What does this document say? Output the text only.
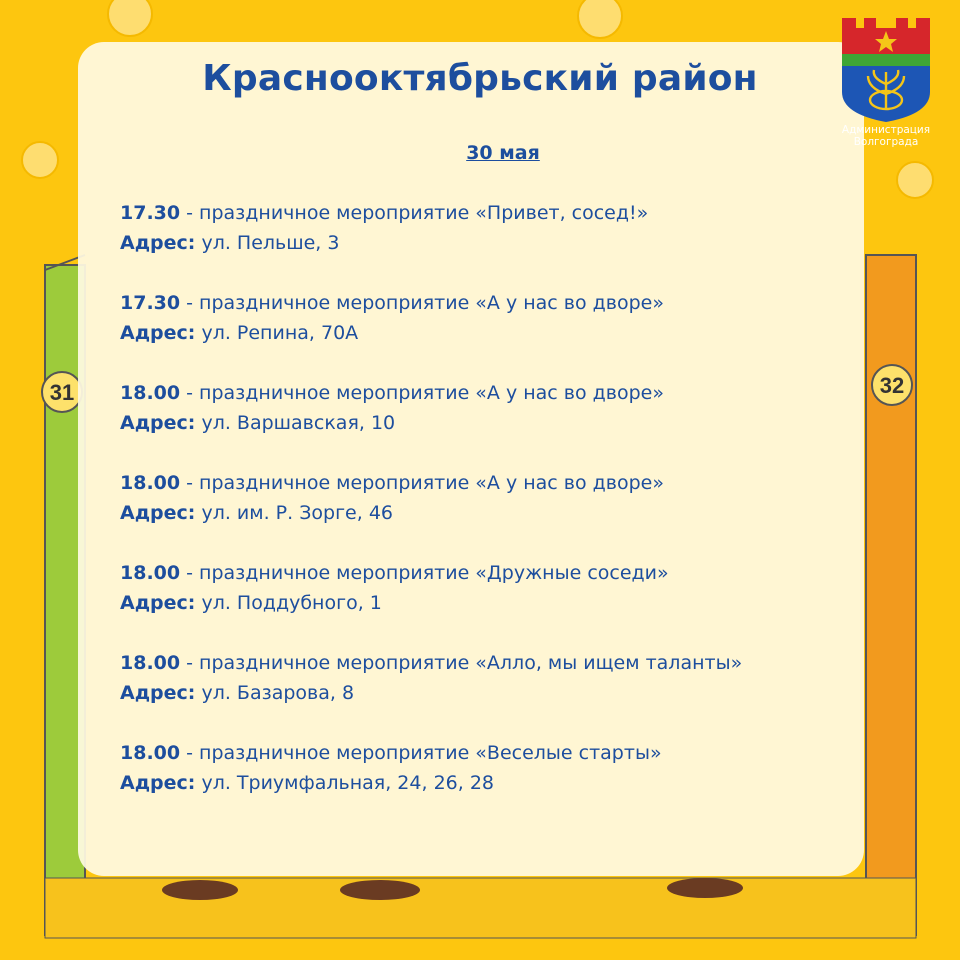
31	32
Краснооктябрьский район
30 мая
17.30 - праздничное мероприятие «Привет, сосед!»
Адрес: ул. Пельше, 3
17.30 - праздничное мероприятие «А у нас во дворе»
Адрес: ул. Репина, 70А
18.00 - праздничное мероприятие «А у нас во дворе»
Адрес: ул. Варшавская, 10
18.00 - праздничное мероприятие «А у нас во дворе»
Адрес: ул. им. Р. Зорге, 46
18.00 - праздничное мероприятие «Дружные соседи»
Адрес: ул. Поддубного, 1
18.00 - праздничное мероприятие «Алло, мы ищем таланты»
Адрес: ул. Базарова, 8
18.00 - праздничное мероприятие «Веселые старты»
Адрес: ул. Триумфальная, 24, 26, 28
Администрация
Волгограда
